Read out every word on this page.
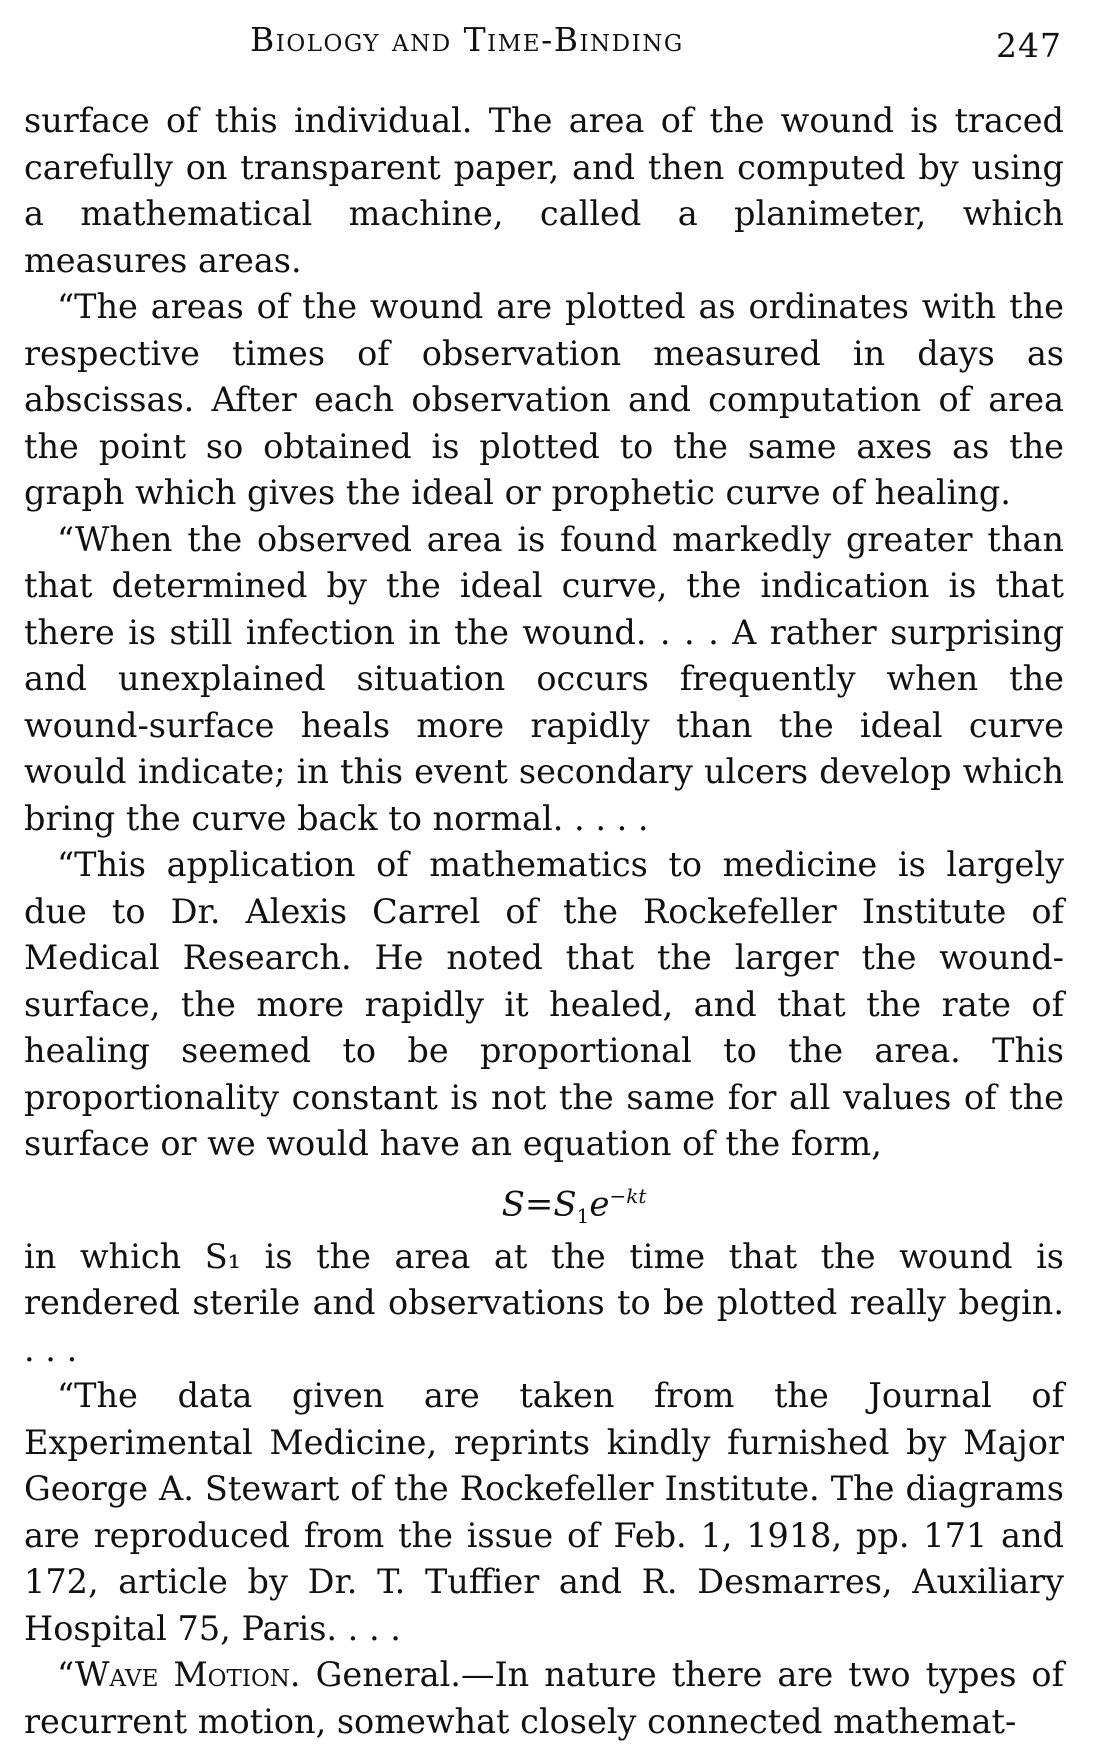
Biology and Time-Binding	247

surface of this individual. The area of the wound is traced carefully on transparent paper, and then computed by using a mathematical machine, called a planimeter, which measures areas.

“The areas of the wound are plotted as ordinates with the respective times of observation measured in days as abscissas. After each observation and computation of area the point so obtained is plotted to the same axes as the graph which gives the ideal or prophetic curve of healing.

“When the observed area is found markedly greater than that determined by the ideal curve, the indication is that there is still infection in the wound. . . . A rather surprising and unexplained situation occurs frequently when the wound-surface heals more rapidly than the ideal curve would indicate; in this event secondary ulcers develop which bring the curve back to normal. . . . .

“This application of mathematics to medicine is largely due to Dr. Alexis Carrel of the Rockefeller Institute of Medical Research. He noted that the larger the wound-surface, the more rapidly it healed, and that the rate of healing seemed to be proportional to the area. This proportionality constant is not the same for all values of the surface or we would have an equation of the form,

$S=S_1e^{-kt}$

in which S₁ is the area at the time that the wound is rendered sterile and observations to be plotted really begin. . . .

“The data given are taken from the Journal of Experimental Medicine, reprints kindly furnished by Major George A. Stewart of the Rockefeller Institute. The diagrams are reproduced from the issue of Feb. 1, 1918, pp. 171 and 172, article by Dr. T. Tuffier and R. Desmarres, Auxiliary Hospital 75, Paris. . . .

“Wave Motion. General.—In nature there are two types of recurrent motion, somewhat closely connected mathemat-
